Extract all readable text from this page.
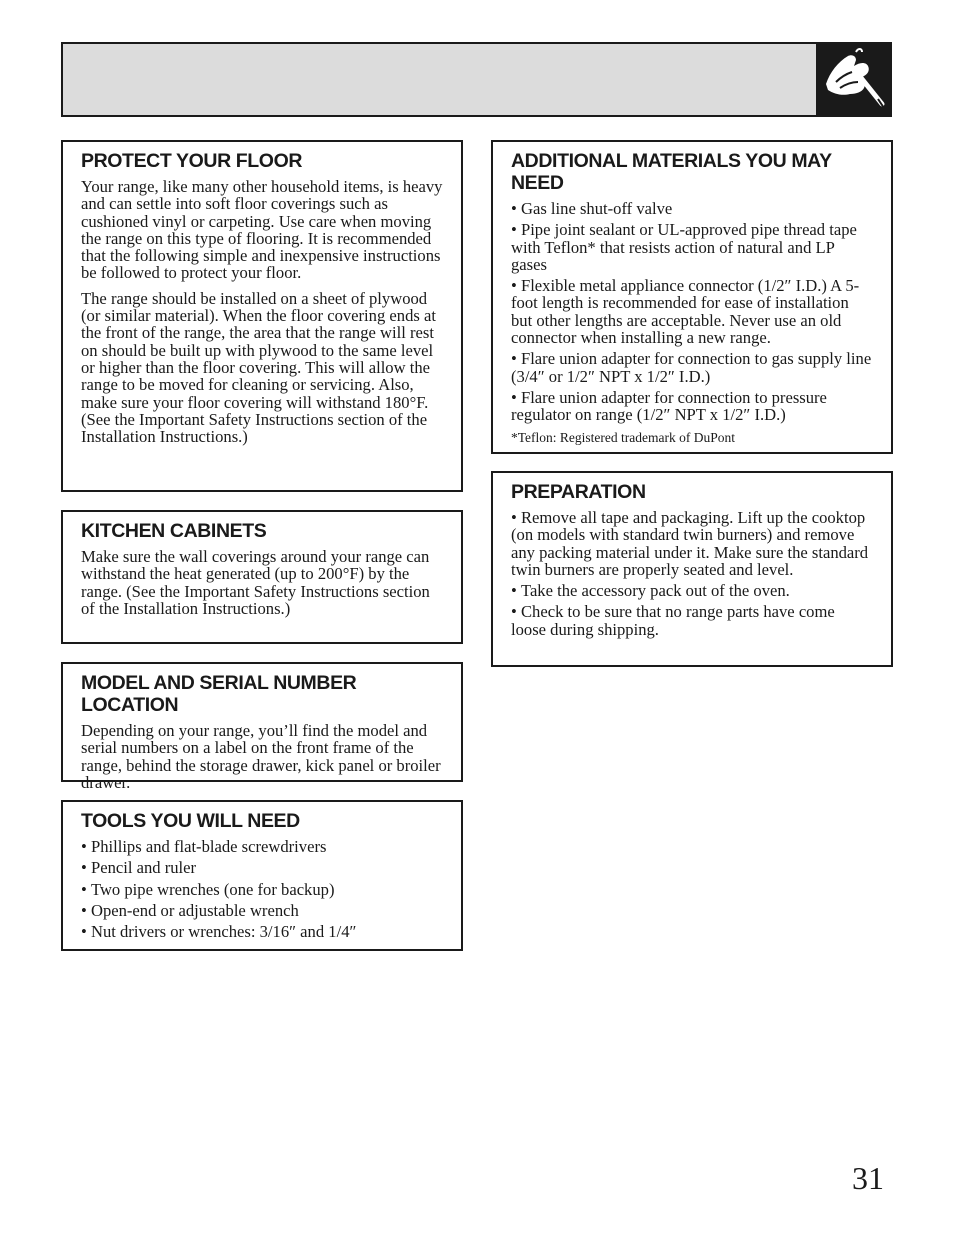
PROTECT YOUR FLOOR

Your range, like many other household items, is heavy and can settle into soft floor coverings such as cushioned vinyl or carpeting. Use care when moving the range on this type of flooring. It is recommended that the following simple and inexpensive instructions be followed to protect your floor.

The range should be installed on a sheet of plywood (or similar material). When the floor covering ends at the front of the range, the area that the range will rest on should be built up with plywood to the same level or higher than the floor covering. This will allow the range to be moved for cleaning or servicing. Also, make sure your floor covering will withstand 180°F. (See the Important Safety Instructions section of the Installation Instructions.)

KITCHEN CABINETS

Make sure the wall coverings around your range can withstand the heat generated (up to 200°F) by the range. (See the Important Safety Instructions section of the Installation Instructions.)

MODEL AND SERIAL NUMBER LOCATION

Depending on your range, you’ll find the model and serial numbers on a label on the front frame of the range, behind the storage drawer, kick panel or broiler drawer.

TOOLS YOU WILL NEED
• Phillips and flat-blade screwdrivers
• Pencil and ruler
• Two pipe wrenches (one for backup)
• Open-end or adjustable wrench
• Nut drivers or wrenches: 3/16″ and 1/4″
ADDITIONAL MATERIALS YOU MAY NEED
• Gas line shut-off valve
• Pipe joint sealant or UL-approved pipe thread tape with Teflon* that resists action of natural and LP gases
• Flexible metal appliance connector (1/2″ I.D.) A 5-foot length is recommended for ease of installation but other lengths are acceptable. Never use an old connector when installing a new range.
• Flare union adapter for connection to gas supply line (3/4″ or 1/2″ NPT x 1/2″ I.D.)
• Flare union adapter for connection to pressure regulator on range (1/2″ NPT x 1/2″ I.D.)
*Teflon: Registered trademark of DuPont
PREPARATION
• Remove all tape and packaging. Lift up the cooktop (on models with standard twin burners) and remove any packing material under it. Make sure the standard twin burners are properly seated and level.
• Take the accessory pack out of the oven.
• Check to be sure that no range parts have come loose during shipping.
31
